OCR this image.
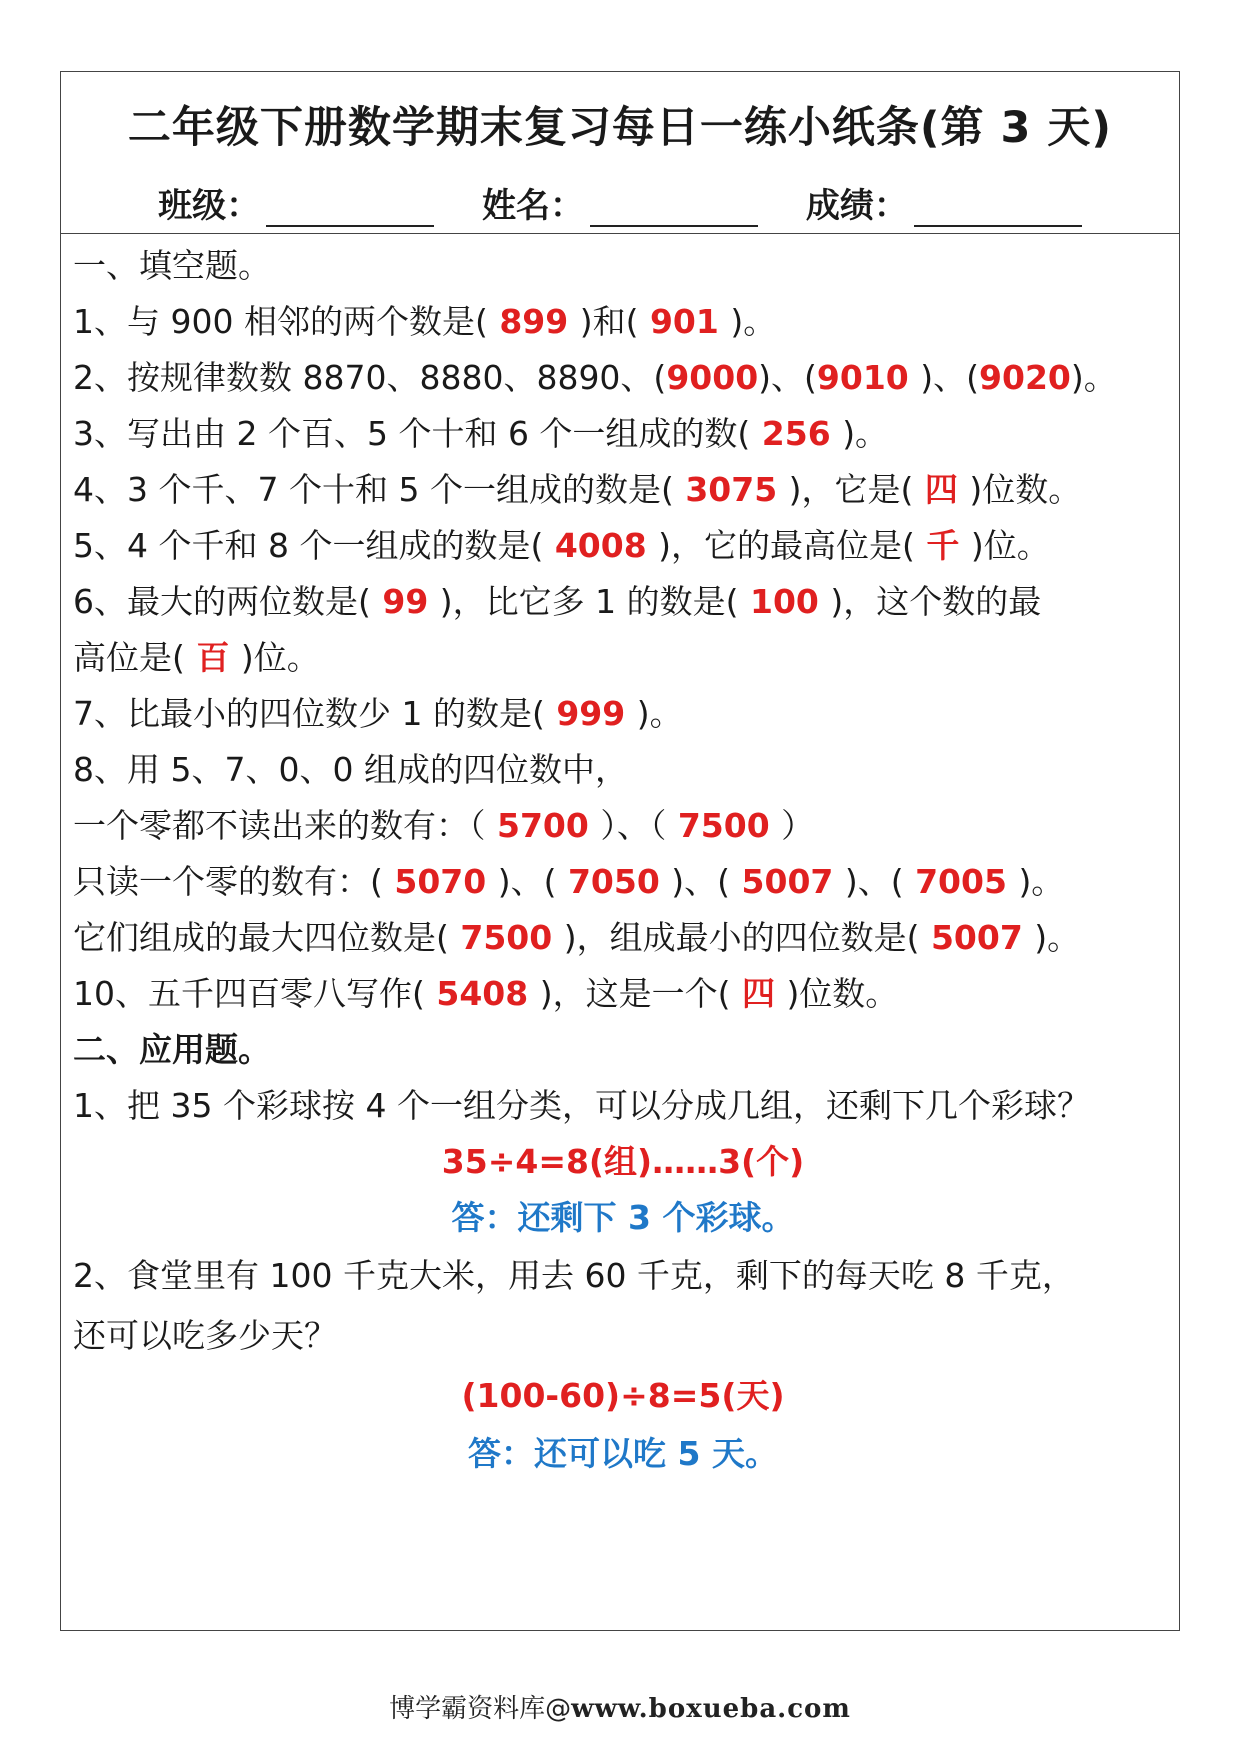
二年级下册数学期末复习每日一练小纸条(第 3 天)
班级：	姓名：	成绩：
一、填空题。
1、与 900 相邻的两个数是( 899 )和( 901 )。
2、按规律数数 8870、8880、8890、(9000)、(9010 )、(9020)。
3、写出由 2 个百、5 个十和 6 个一组成的数( 256 )。
4、3 个千、7 个十和 5 个一组成的数是( 3075 )，它是( 四 )位数。
5、4 个千和 8 个一组成的数是( 4008 )，它的最高位是( 千 )位。
6、最大的两位数是( 99 )，比它多 1 的数是( 100 )，这个数的最
高位是( 百 )位。
7、比最小的四位数少 1 的数是( 999 )。
8、用 5、7、0、0 组成的四位数中，
一个零都不读出来的数有：（ 5700 ）、（ 7500 ）
只读一个零的数有：( 5070 )、( 7050 )、( 5007 )、( 7005 )。
它们组成的最大四位数是( 7500 )，组成最小的四位数是( 5007 )。
10、五千四百零八写作( 5408 )，这是一个( 四 )位数。
二、应用题。
1、把 35 个彩球按 4 个一组分类，可以分成几组，还剩下几个彩球？
35÷4=8(组)……3(个)
答：还剩下 3 个彩球。
2、食堂里有 100 千克大米，用去 60 千克，剩下的每天吃 8 千克，
还可以吃多少天？
(100-60)÷8=5(天)
答：还可以吃 5 天。
博学霸资料库@www.boxueba.com
